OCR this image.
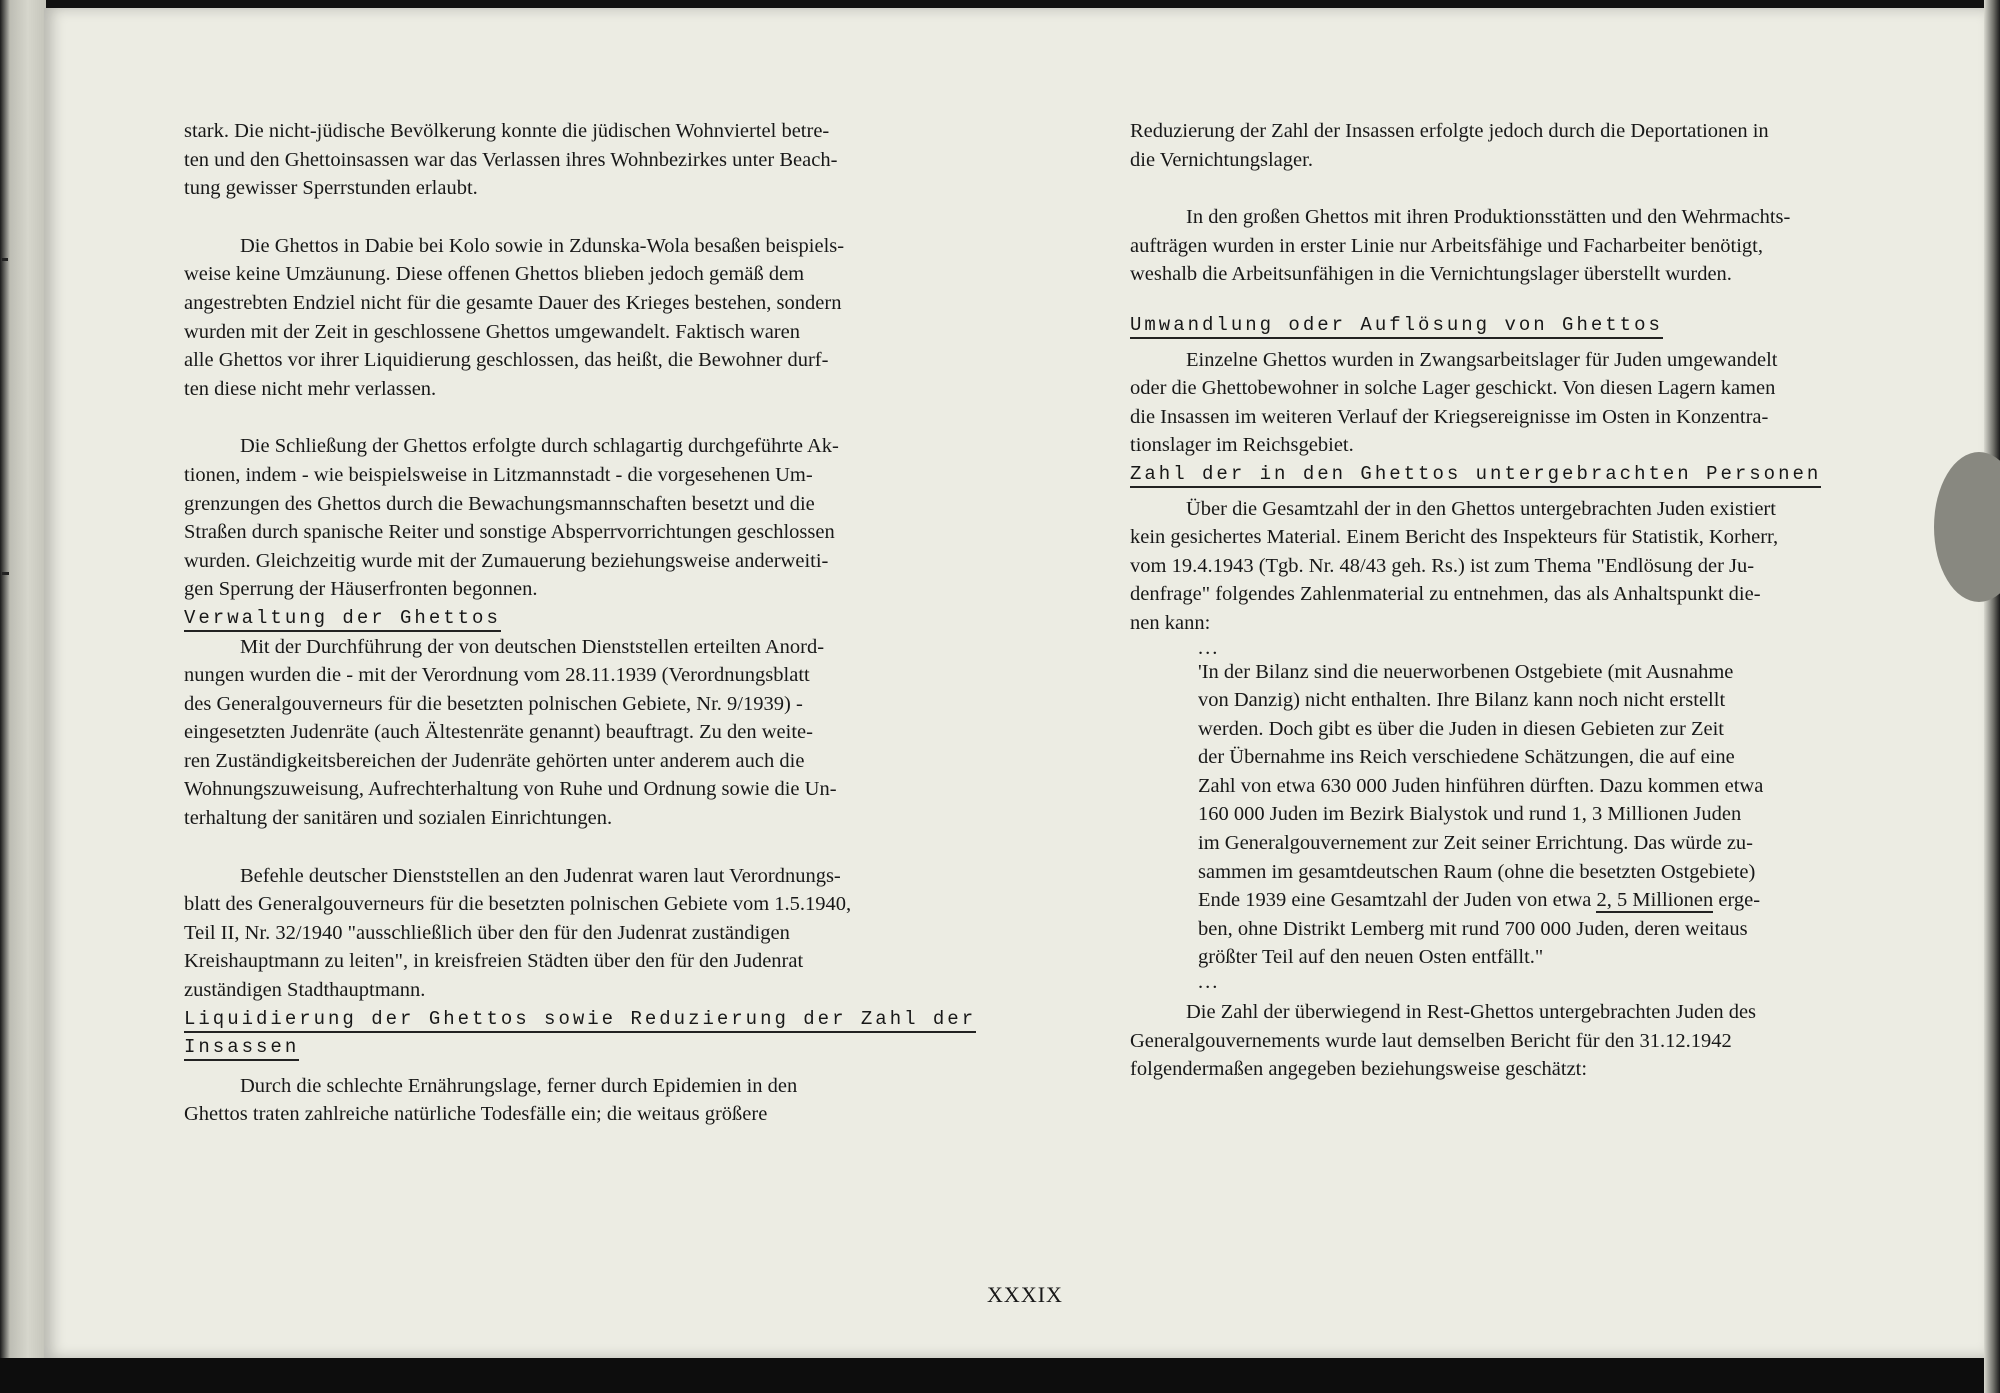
stark. Die nicht-jüdische Bevölkerung konnte die jüdischen Wohnviertel betre-
ten und den Ghettoinsassen war das Verlassen ihres Wohnbezirkes unter Beach-
tung gewisser Sperrstunden erlaubt.

Die Ghettos in Dabie bei Kolo sowie in Zdunska-Wola besaßen beispiels-
weise keine Umzäunung. Diese offenen Ghettos blieben jedoch gemäß dem
angestrebten Endziel nicht für die gesamte Dauer des Krieges bestehen, sondern
wurden mit der Zeit in geschlossene Ghettos umgewandelt. Faktisch waren
alle Ghettos vor ihrer Liquidierung geschlossen, das heißt, die Bewohner durf-
ten diese nicht mehr verlassen.

Die Schließung der Ghettos erfolgte durch schlagartig durchgeführte Ak-
tionen, indem - wie beispielsweise in Litzmannstadt - die vorgesehenen Um-
grenzungen des Ghettos durch die Bewachungsmannschaften besetzt und die
Straßen durch spanische Reiter und sonstige Absperrvorrichtungen geschlossen
wurden. Gleichzeitig wurde mit der Zumauerung beziehungsweise anderweiti-
gen Sperrung der Häuserfronten begonnen.

Verwaltung der Ghettos

Mit der Durchführung der von deutschen Dienststellen erteilten Anord-
nungen wurden die - mit der Verordnung vom 28.11.1939 (Verordnungsblatt
des Generalgouverneurs für die besetzten polnischen Gebiete, Nr. 9/1939) -
eingesetzten Judenräte (auch Ältestenräte genannt) beauftragt. Zu den weite-
ren Zuständigkeitsbereichen der Judenräte gehörten unter anderem auch die
Wohnungszuweisung, Aufrechterhaltung von Ruhe und Ordnung sowie die Un-
terhaltung der sanitären und sozialen Einrichtungen.

Befehle deutscher Dienststellen an den Judenrat waren laut Verordnungs-
blatt des Generalgouverneurs für die besetzten polnischen Gebiete vom 1.5.1940,
Teil II, Nr. 32/1940 "ausschließlich über den für den Judenrat zuständigen
Kreishauptmann zu leiten", in kreisfreien Städten über den für den Judenrat
zuständigen Stadthauptmann.

Liquidierung der Ghettos sowie Reduzierung der Zahl der
Insassen

Durch die schlechte Ernährungslage, ferner durch Epidemien in den
Ghettos traten zahlreiche natürliche Todesfälle ein; die weitaus größere

Reduzierung der Zahl der Insassen erfolgte jedoch durch die Deportationen in
die Vernichtungslager.

In den großen Ghettos mit ihren Produktionsstätten und den Wehrmachts-
aufträgen wurden in erster Linie nur Arbeitsfähige und Facharbeiter benötigt,
weshalb die Arbeitsunfähigen in die Vernichtungslager überstellt wurden.

Umwandlung oder Auflösung von Ghettos

Einzelne Ghettos wurden in Zwangsarbeitslager für Juden umgewandelt
oder die Ghettobewohner in solche Lager geschickt. Von diesen Lagern kamen
die Insassen im weiteren Verlauf der Kriegsereignisse im Osten in Konzentra-
tionslager im Reichsgebiet.

Zahl der in den Ghettos untergebrachten Personen

Über die Gesamtzahl der in den Ghettos untergebrachten Juden existiert
kein gesichertes Material. Einem Bericht des Inspekteurs für Statistik, Korherr,
vom 19.4.1943 (Tgb. Nr. 48/43 geh. Rs.) ist zum Thema "Endlösung der Ju-
denfrage" folgendes Zahlenmaterial zu entnehmen, das als Anhaltspunkt die-
nen kann:

...

'In der Bilanz sind die neuerworbenen Ostgebiete (mit Ausnahme
von Danzig) nicht enthalten. Ihre Bilanz kann noch nicht erstellt
werden. Doch gibt es über die Juden in diesen Gebieten zur Zeit
der Übernahme ins Reich verschiedene Schätzungen, die auf eine
Zahl von etwa 630 000 Juden hinführen dürften. Dazu kommen etwa
160 000 Juden im Bezirk Bialystok und rund 1, 3 Millionen Juden
im Generalgouvernement zur Zeit seiner Errichtung. Das würde zu-
sammen im gesamtdeutschen Raum (ohne die besetzten Ostgebiete)
Ende 1939 eine Gesamtzahl der Juden von etwa 2, 5 Millionen erge-
ben, ohne Distrikt Lemberg mit rund 700 000 Juden, deren weitaus
größter Teil auf den neuen Osten entfällt."

...

Die Zahl der überwiegend in Rest-Ghettos untergebrachten Juden des
Generalgouvernements wurde laut demselben Bericht für den 31.12.1942
folgendermaßen angegeben beziehungsweise geschätzt:

XXXIX
